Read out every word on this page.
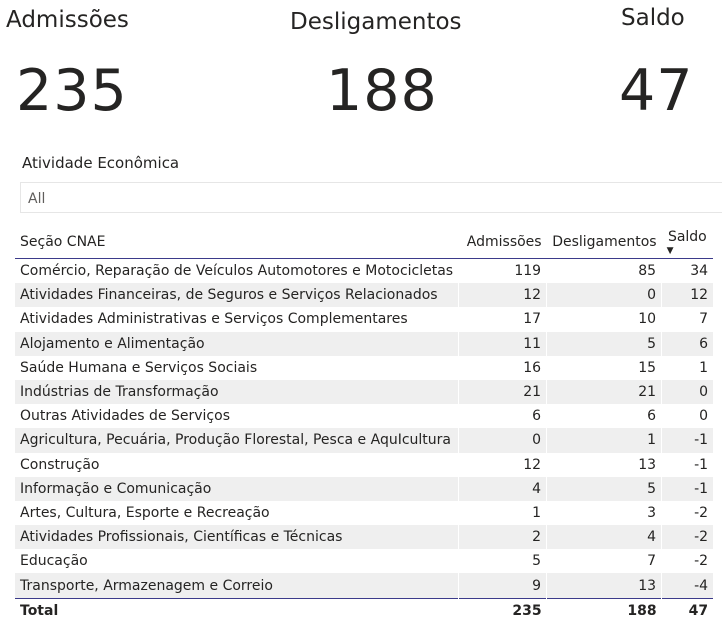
Admissões	Desligamentos	Saldo
235	188	47
Atividade Econômica
All
Seção CNAE	Admissões	Desligamentos	Saldo
▼

Comércio, Reparação de Veículos Automotores e Motocicletas	119	85	34
Atividades Financeiras, de Seguros e Serviços Relacionados	12	0	12
Atividades Administrativas e Serviços Complementares	17	10	7
Alojamento e Alimentação	11	5	6
Saúde Humana e Serviços Sociais	16	15	1
Indústrias de Transformação	21	21	0
Outras Atividades de Serviços	6	6	0
Agricultura, Pecuária, Produção Florestal, Pesca e AquIcultura	0	1	-1
Construção	12	13	-1
Informação e Comunicação	4	5	-1
Artes, Cultura, Esporte e Recreação	1	3	-2
Atividades Profissionais, Científicas e Técnicas	2	4	-2
Educação	5	7	-2
Transporte, Armazenagem e Correio	9	13	-4
Total	235	188	47
